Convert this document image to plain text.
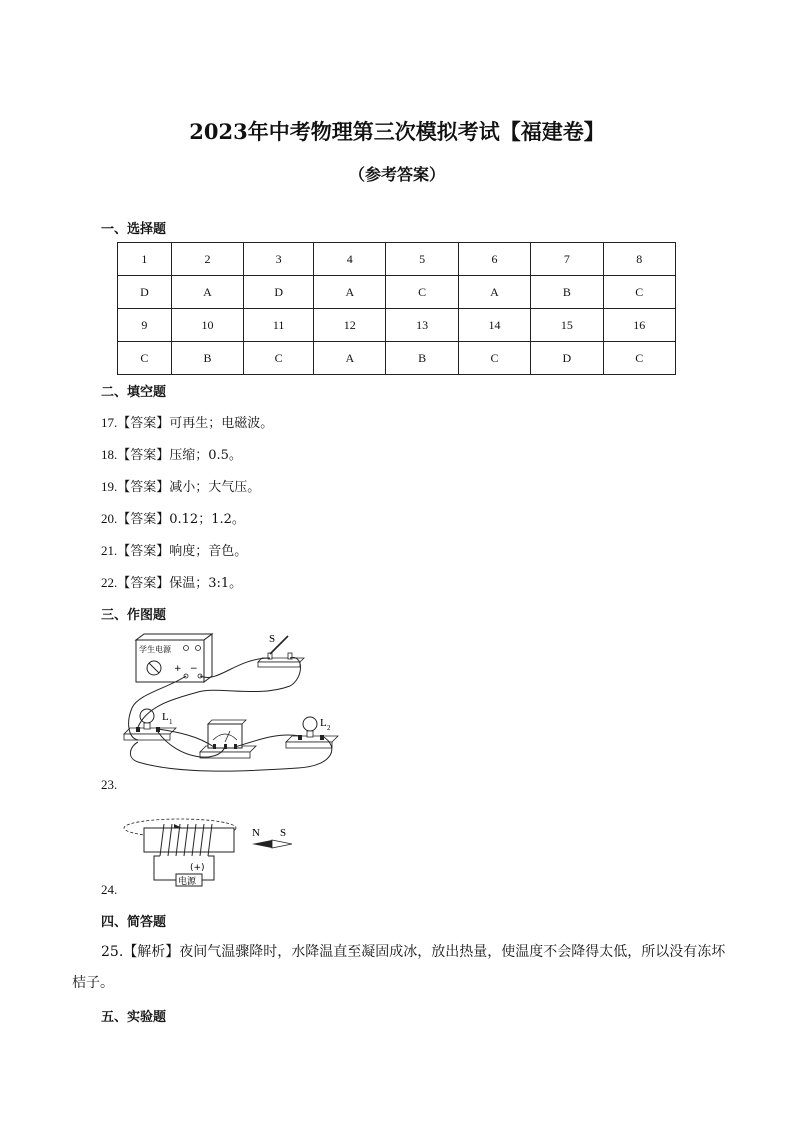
2023年中考物理第三次模拟考试【福建卷】
（参考答案）
一、选择题
1	2	3	4	5	6	7	8
D	A	D	A	C	A	B	C
9	10	11	12	13	14	15	16
C	B	C	A	B	C	D	C
二、填空题
17.【答案】可再生；电磁波。
18.【答案】压缩；0.5。
19.【答案】减小；大气压。
20.【答案】0.12；1.2。
21.【答案】响度；音色。
22.【答案】保温；3:1。
三、作图题
学生电源
+ −
S
L 1	L 2
23.
电源
(+)
N S
24.
四、简答题
25.【解析】夜间气温骤降时，水降温直至凝固成冰，放出热量，使温度不会降得太低，所以没有冻坏桔子。
五、实验题
